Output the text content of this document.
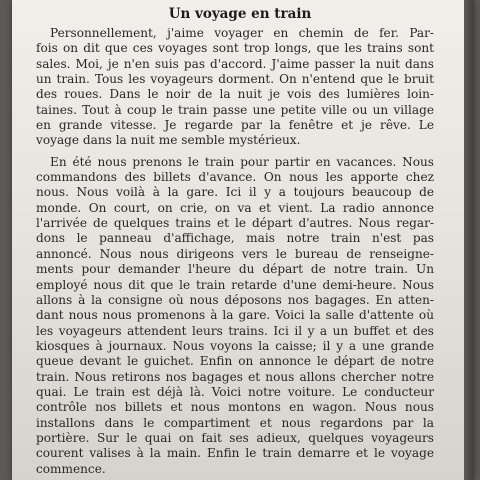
Un voyage en train
Personnellement, j'aime voyager en chemin de fer. Par-
fois on dit que ces voyages sont trop longs, que les trains sont
sales. Moi, je n'en suis pas d'accord. J'aime passer la nuit dans
un train. Tous les voyageurs dorment. On n'entend que le bruit
des roues. Dans le noir de la nuit je vois des lumières loin-
taines. Tout à coup le train passe une petite ville ou un village
en grande vitesse. Je regarde par la fenêtre et je rêve. Le
voyage dans la nuit me semble mystérieux.
En été nous prenons le train pour partir en vacances. Nous
commandons des billets d'avance. On nous les apporte chez
nous. Nous voilà à la gare. Ici il y a toujours beaucoup de
monde. On court, on crie, on va et vient. La radio annonce
l'arrivée de quelques trains et le départ d'autres. Nous regar-
dons le panneau d'affichage, mais notre train n'est pas
annoncé. Nous nous dirigeons vers le bureau de renseigne-
ments pour demander l'heure du départ de notre train. Un
employé nous dit que le train retarde d'une demi-heure. Nous
allons à la consigne où nous déposons nos bagages. En atten-
dant nous nous promenons à la gare. Voici la salle d'attente où
les voyageurs attendent leurs trains. Ici il y a un buffet et des
kiosques à journaux. Nous voyons la caisse; il y a une grande
queue devant le guichet. Enfin on annonce le départ de notre
train. Nous retirons nos bagages et nous allons chercher notre
quai. Le train est déjà là. Voici notre voiture. Le conducteur
contrôle nos billets et nous montons en wagon. Nous nous
installons dans le compartiment et nous regardons par la
portière. Sur le quai on fait ses adieux, quelques voyageurs
courent valises à la main. Enfin le train demarre et le voyage
commence.
